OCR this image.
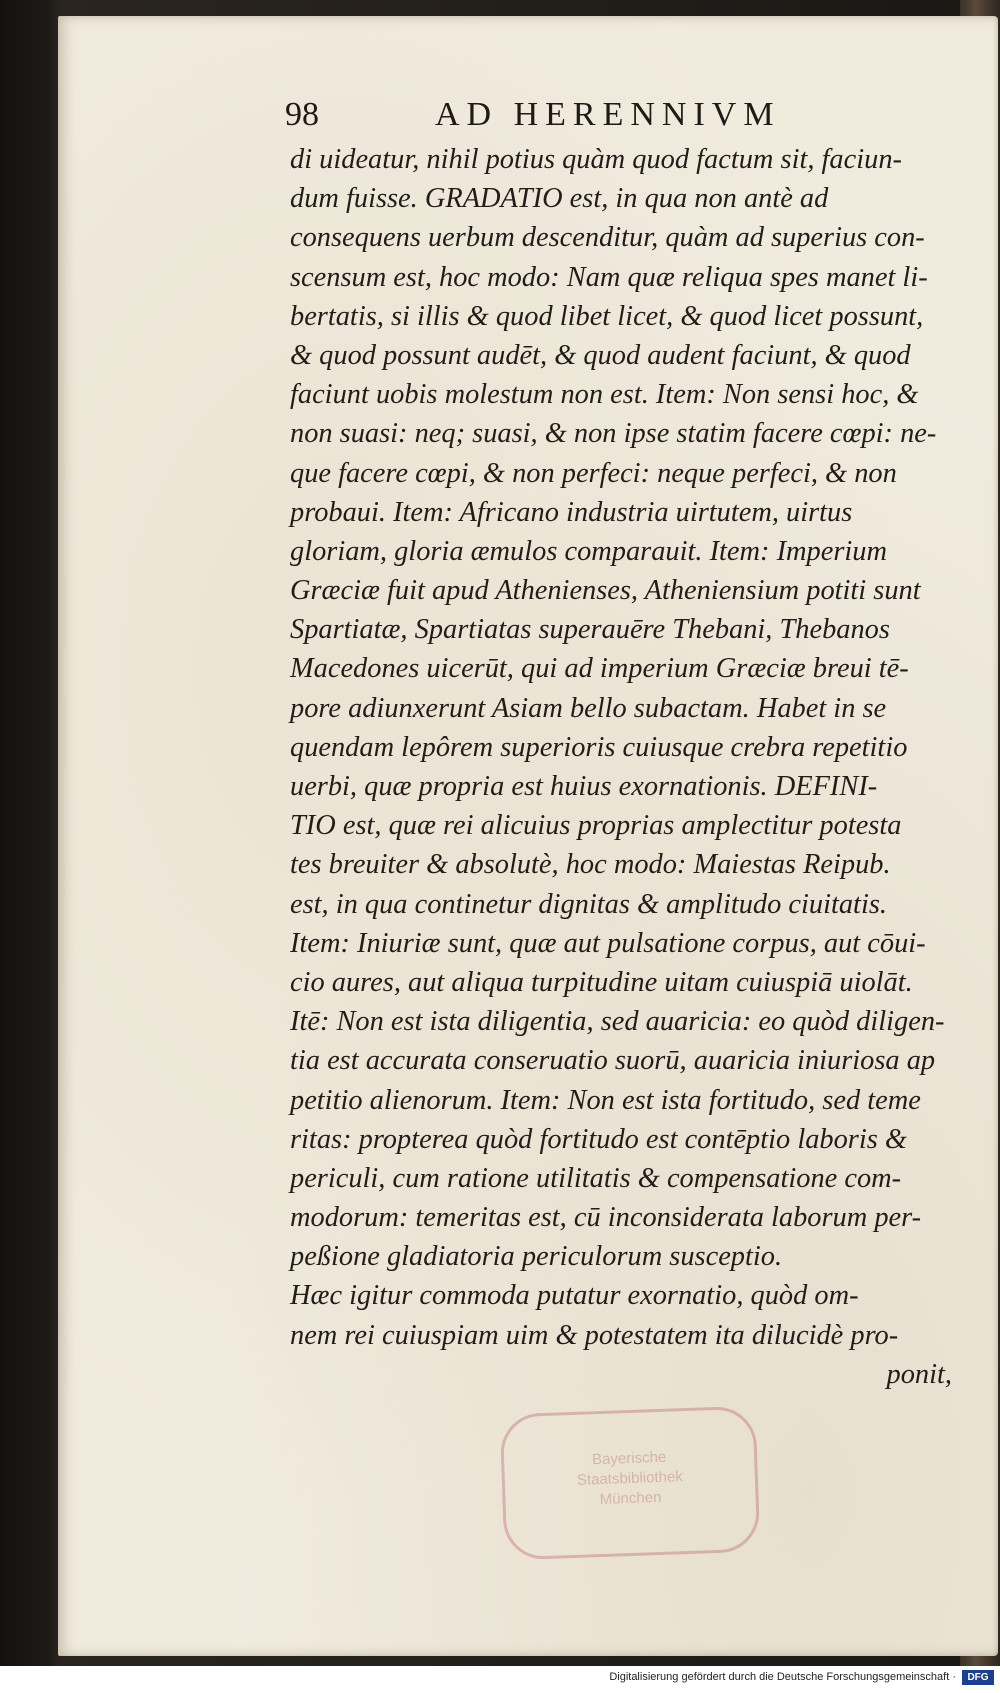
98	AD HERENNIVM
di uideatur, nihil potius quàm quod factum sit, faciun-
dum fuisse. GRADATIO est, in qua non antè ad
consequens uerbum descenditur, quàm ad superius con-
scensum est, hoc modo: Nam quæ reliqua spes manet li-
bertatis, si illis & quod libet licet, & quod licet possunt,
& quod possunt audēt, & quod audent faciunt, & quod
faciunt uobis molestum non est. Item: Non sensi hoc, &
non suasi: neq; suasi, & non ipse statim facere cœpi: ne-
que facere cœpi, & non perfeci: neque perfeci, & non
probaui. Item: Africano industria uirtutem, uirtus
gloriam, gloria æmulos comparauit. Item: Imperium
Græciæ fuit apud Athenienses, Atheniensium potiti sunt
Spartiatæ, Spartiatas superauēre Thebani, Thebanos
Macedones uicerūt, qui ad imperium Græciæ breui tē-
pore adiunxerunt Asiam bello subactam. Habet in se
quendam lepôrem superioris cuiusque crebra repetitio
uerbi, quæ propria est huius exornationis. DEFINI-
TIO est, quæ rei alicuius proprias amplectitur potesta
tes breuiter & absolutè, hoc modo: Maiestas Reipub.
est, in qua continetur dignitas & amplitudo ciuitatis.
Item: Iniuriæ sunt, quæ aut pulsatione corpus, aut cōui-
cio aures, aut aliqua turpitudine uitam cuiuspiā uiolāt.
Itē: Non est ista diligentia, sed auaricia: eo quòd diligen-
tia est accurata conseruatio suorū, auaricia iniuriosa ap
petitio alienorum. Item: Non est ista fortitudo, sed teme
ritas: propterea quòd fortitudo est contēptio laboris &
periculi, cum ratione utilitatis & compensatione com-
modorum: temeritas est, cū inconsiderata laborum per-
peßione gladiatoria periculorum susceptio.
Hæc igitur commoda putatur exornatio, quòd om-
nem rei cuiuspiam uim & potestatem ita dilucidè pro-
ponit,
Bayerische
Staatsbibliothek
München
Digitalisierung gefördert durch die Deutsche Forschungsgemeinschaft ·	DFG
